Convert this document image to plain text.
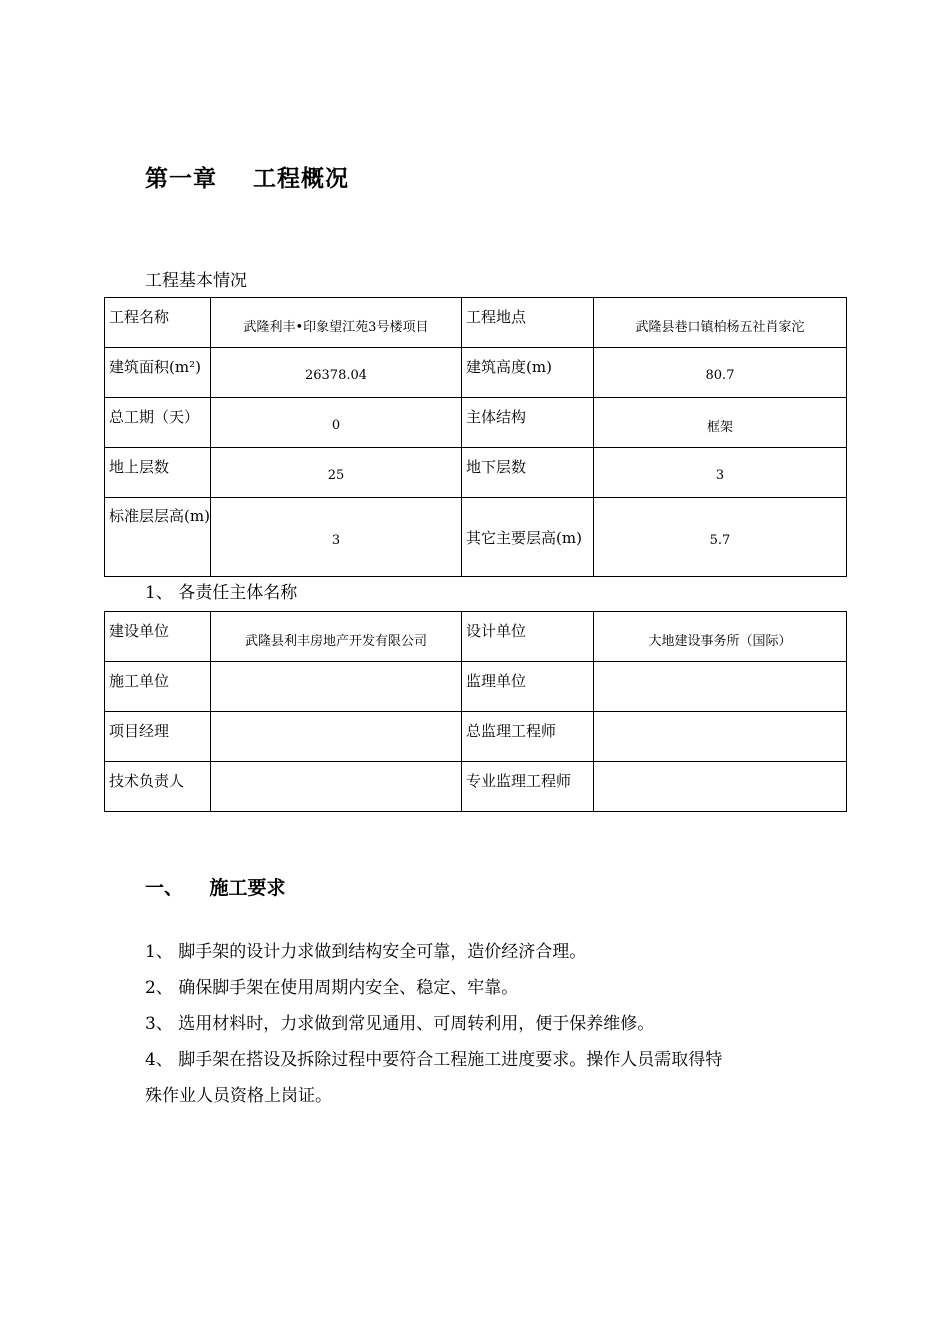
第一章    工程概况
工程基本情况
工程名称	武隆利丰•印象望江苑3号楼项目	工程地点	武隆县巷口镇柏杨五社肖家沱
建筑面积(m²)	26378.04	建筑高度(m)	80.7
总工期（天）	0	主体结构	框架
地上层数	25	地下层数	3
标准层层高(m)	3	其它主要层高(m)	5.7
1、 各责任主体名称
建设单位	武隆县利丰房地产开发有限公司	设计单位	大地建设事务所（国际）
施工单位		监理单位	
项目经理		总监理工程师	
技术负责人		专业监理工程师	
一、    施工要求
1、 脚手架的设计力求做到结构安全可靠，造价经济合理。
2、 确保脚手架在使用周期内安全、稳定、牢靠。
3、 选用材料时，力求做到常见通用、可周转利用，便于保养维修。
4、 脚手架在搭设及拆除过程中要符合工程施工进度要求。操作人员需取得特
殊作业人员资格上岗证。
